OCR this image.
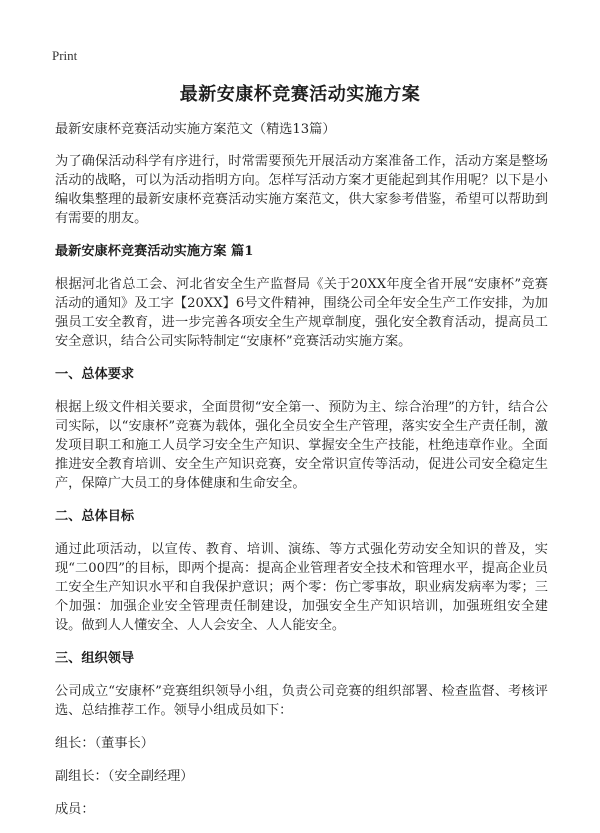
Print
最新安康杯竞赛活动实施方案

最新安康杯竞赛活动实施方案范文（精选13篇）

为了确保活动科学有序进行，时常需要预先开展活动方案准备工作，活动方案是整场活动的战略，可以为活动指明方向。怎样写活动方案才更能起到其作用呢？以下是小编收集整理的最新安康杯竞赛活动实施方案范文，供大家参考借鉴，希望可以帮助到有需要的朋友。

最新安康杯竞赛活动实施方案 篇1

根据河北省总工会、河北省安全生产监督局《关于20XX年度全省开展“安康杯”竞赛活动的通知》及工字【20XX】6号文件精神，围绕公司全年安全生产工作安排，为加强员工安全教育，进一步完善各项安全生产规章制度，强化安全教育活动，提高员工安全意识，结合公司实际特制定“安康杯”竞赛活动实施方案。

一、总体要求

根据上级文件相关要求，全面贯彻“安全第一、预防为主、综合治理”的方针，结合公司实际，以“安康杯”竞赛为载体，强化全员安全生产管理，落实安全生产责任制，激发项目职工和施工人员学习安全生产知识、掌握安全生产技能，杜绝违章作业。全面推进安全教育培训、安全生产知识竞赛，安全常识宣传等活动，促进公司安全稳定生产，保障广大员工的身体健康和生命安全。

二、总体目标

通过此项活动，以宣传、教育、培训、演练、等方式强化劳动安全知识的普及，实现“二00四”的目标，即两个提高：提高企业管理者安全技术和管理水平，提高企业员工安全生产知识水平和自我保护意识；两个零：伤亡零事故，职业病发病率为零；三个加强：加强企业安全管理责任制建设，加强安全生产知识培训，加强班组安全建设。做到人人懂安全、人人会安全、人人能安全。

三、组织领导

公司成立“安康杯”竞赛组织领导小组，负责公司竞赛的组织部署、检查监督、考核评选、总结推荐工作。领导小组成员如下：

组长：（董事长）

副组长：（安全副经理）

成员：
